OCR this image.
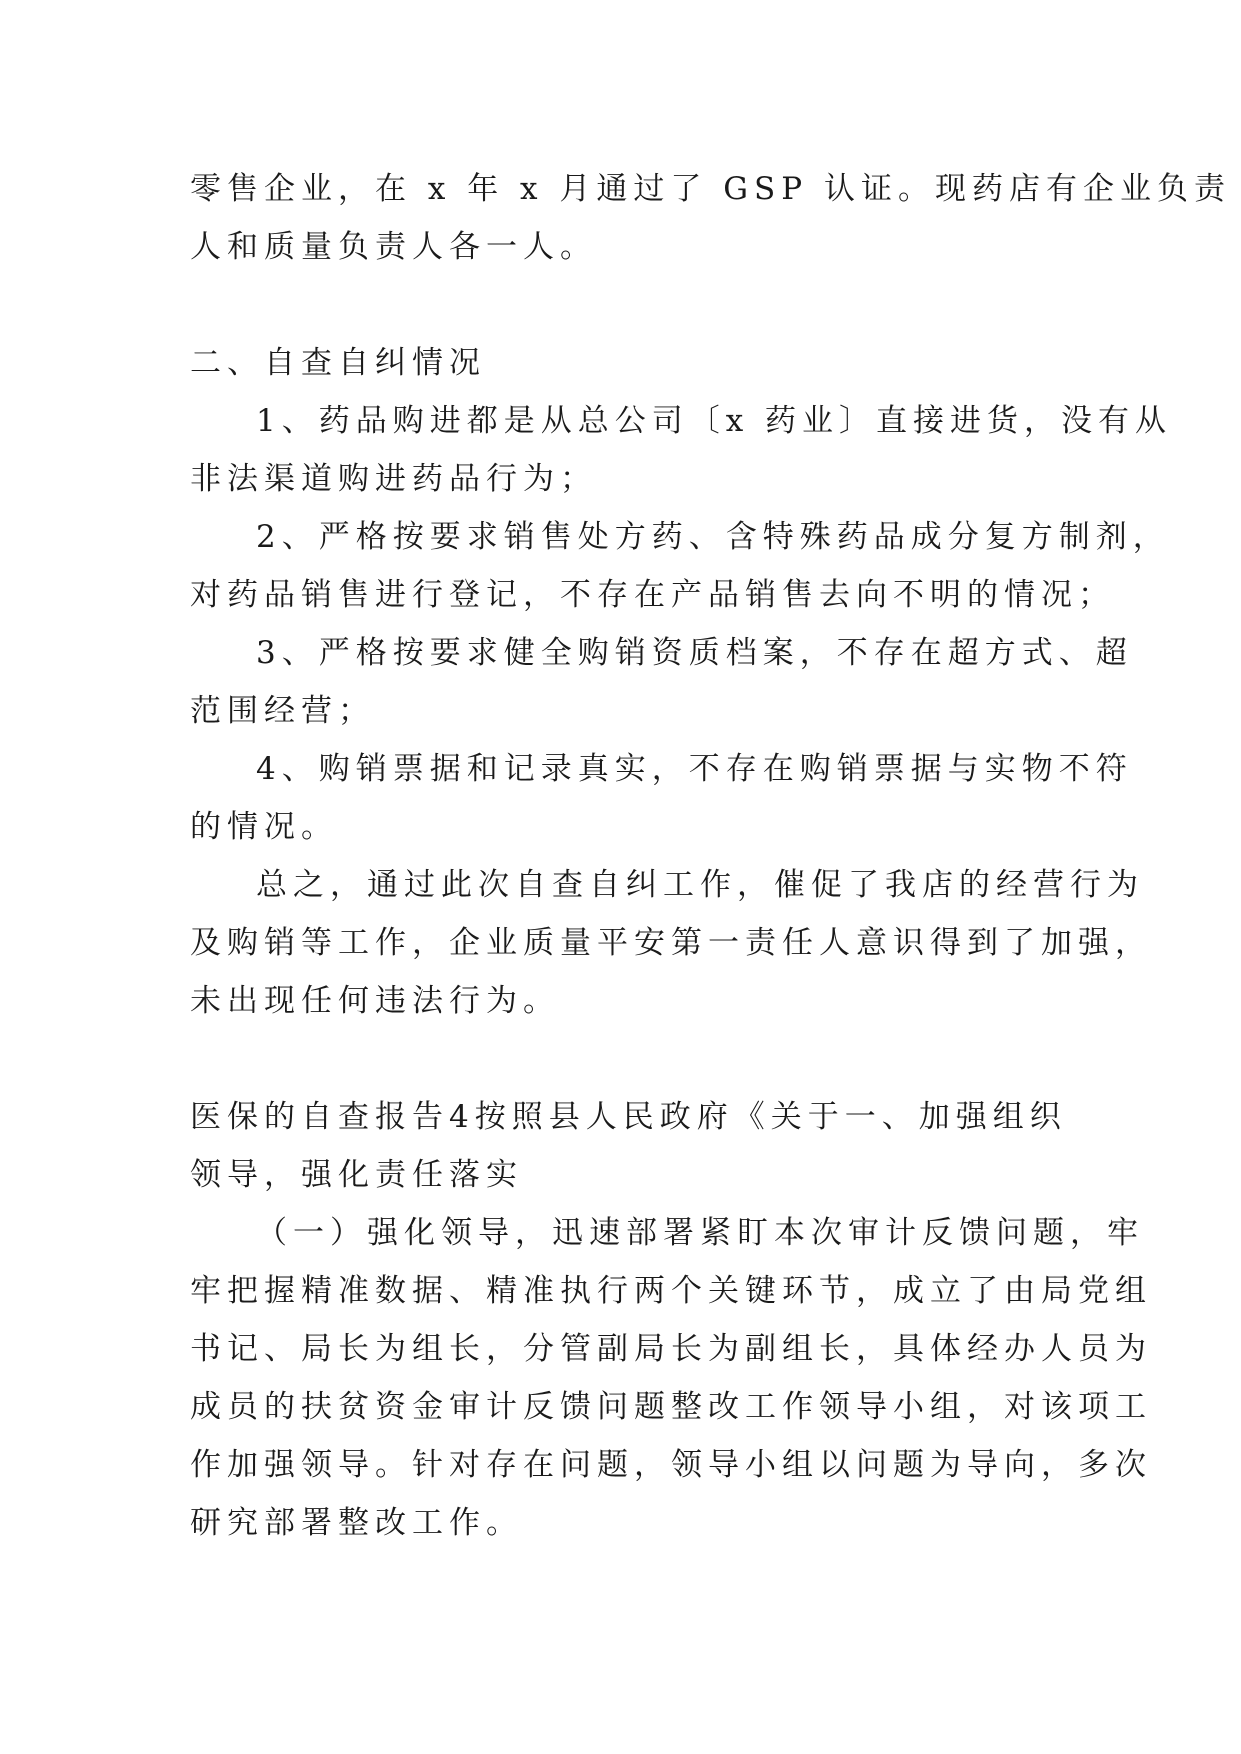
零售企业，在 x 年 x 月通过了 GSP 认证。现药店有企业负责
人和质量负责人各一人。
二、自查自纠情况
1、药品购进都是从总公司〔x 药业〕直接进货，没有从
非法渠道购进药品行为；
2、严格按要求销售处方药、含特殊药品成分复方制剂，
对药品销售进行登记，不存在产品销售去向不明的情况；
3、严格按要求健全购销资质档案，不存在超方式、超
范围经营；
4、购销票据和记录真实，不存在购销票据与实物不符
的情况。
总之，通过此次自查自纠工作，催促了我店的经营行为
及购销等工作，企业质量平安第一责任人意识得到了加强，
未出现任何违法行为。
医保的自查报告4 按照县人民政府《关于一、加强组织
领导，强化责任落实
（一）强化领导，迅速部署紧盯本次审计反馈问题，牢
牢把握精准数据、精准执行两个关键环节，成立了由局党组
书记、局长为组长，分管副局长为副组长，具体经办人员为
成员的扶贫资金审计反馈问题整改工作领导小组，对该项工
作加强领导。针对存在问题，领导小组以问题为导向，多次
研究部署整改工作。
